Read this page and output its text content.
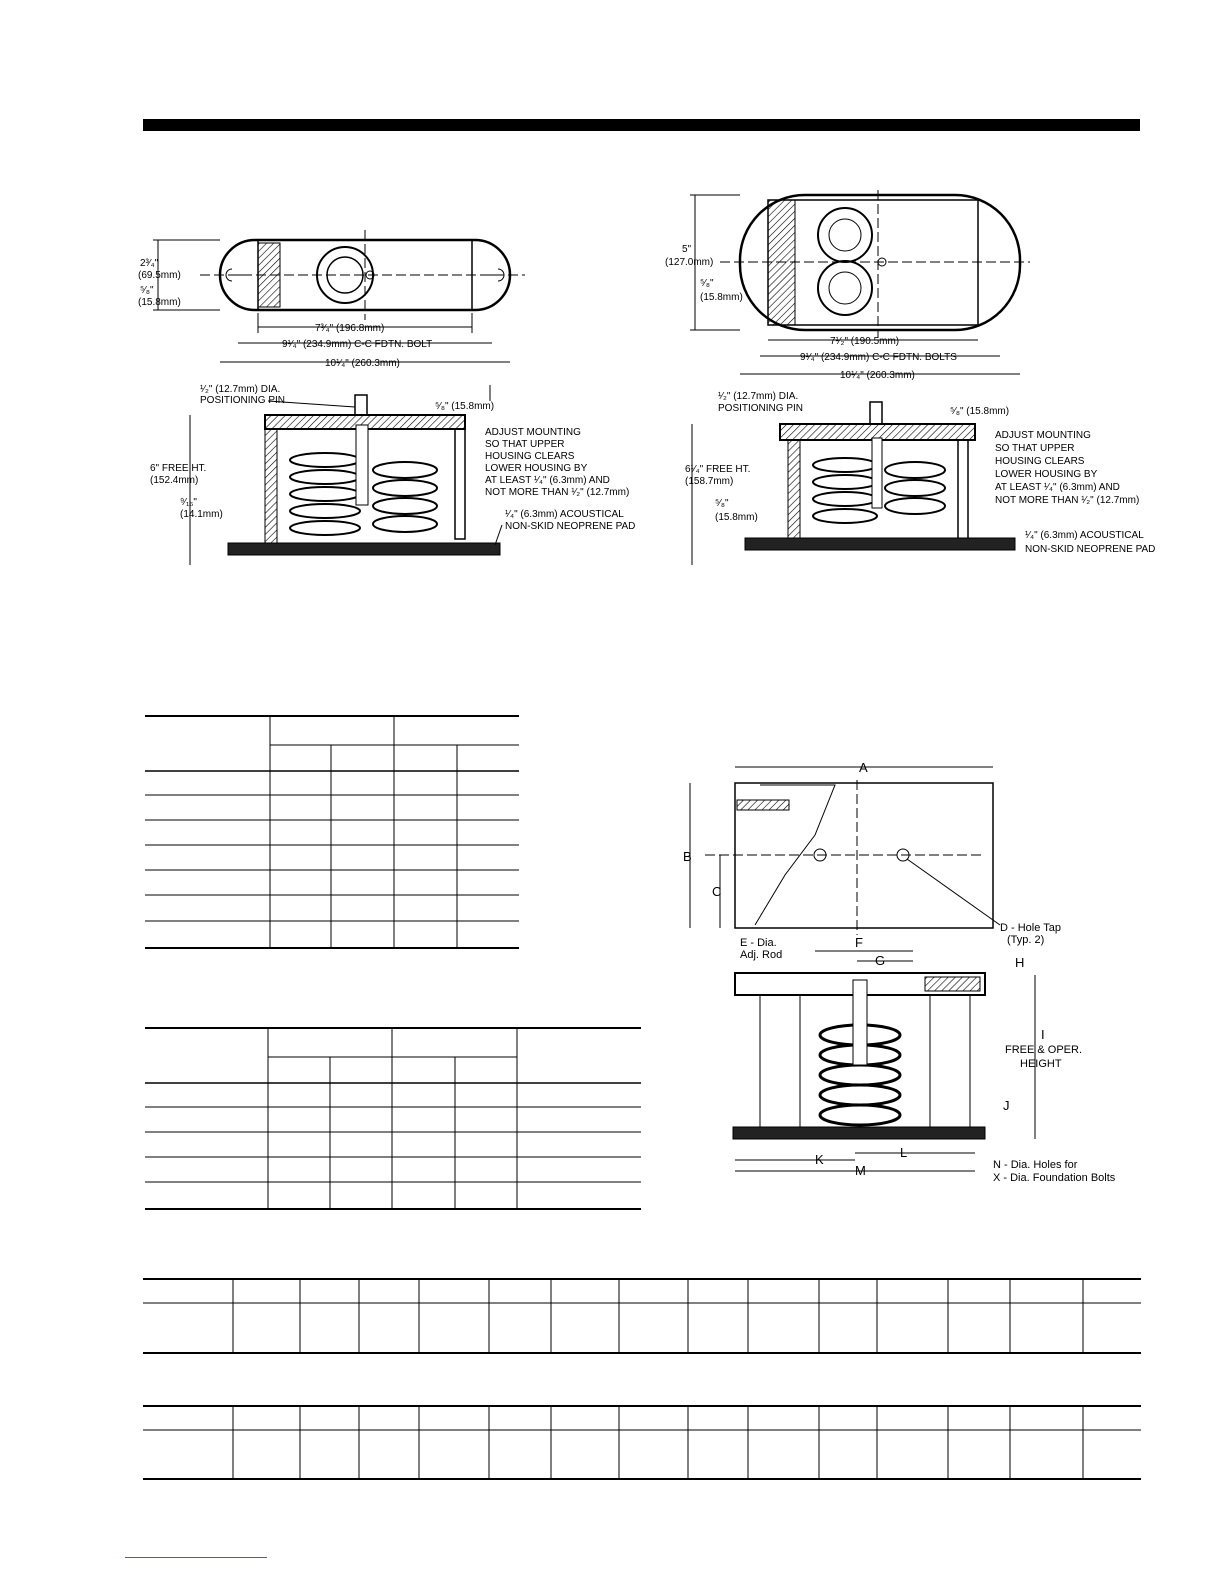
2³⁄₄"
(69.5mm)
⁵⁄₈"
(15.8mm)
7³⁄₄" (196.8mm)
9¹⁄₄" (234.9mm) C-C FDTN. BOLT
10¹⁄₄" (260.3mm)
¹⁄₂" (12.7mm) DIA.
POSITIONING PIN
⁵⁄₈" (15.8mm)
ADJUST MOUNTING
SO THAT UPPER
HOUSING CLEARS
LOWER HOUSING BY
AT LEAST ¹⁄₄" (6.3mm) AND
NOT MORE THAN ¹⁄₂" (12.7mm)
6" FREE HT.
(152.4mm)
⁹⁄₁₆"
(14.1mm)	¹⁄₄" (6.3mm) ACOUSTICAL
NON-SKID NEOPRENE PAD
5"
(127.0mm)
⁵⁄₈"
(15.8mm)
7¹⁄₂" (190.5mm)
9¹⁄₄" (234.9mm) C-C FDTN. BOLTS
10¹⁄₄" (260.3mm)
¹⁄₂" (12.7mm) DIA.
POSITIONING PIN	⁵⁄₈" (15.8mm)
ADJUST MOUNTING
SO THAT UPPER
HOUSING CLEARS
LOWER HOUSING BY
AT LEAST ¹⁄₄" (6.3mm) AND
NOT MORE THAN ¹⁄₂" (12.7mm)
6¹⁄₄" FREE HT.
(158.7mm)
⁵⁄₈"
(15.8mm)
¹⁄₄" (6.3mm) ACOUSTICAL
NON-SKID NEOPRENE PAD
A
B
C
D - Hole Tap
(Typ. 2)
E - Dia.
Adj. Rod
F
G	H
I
FREE & OPER.
HEIGHT
J
L
K
M	N - Dia. Holes for
X - Dia. Foundation Bolts
